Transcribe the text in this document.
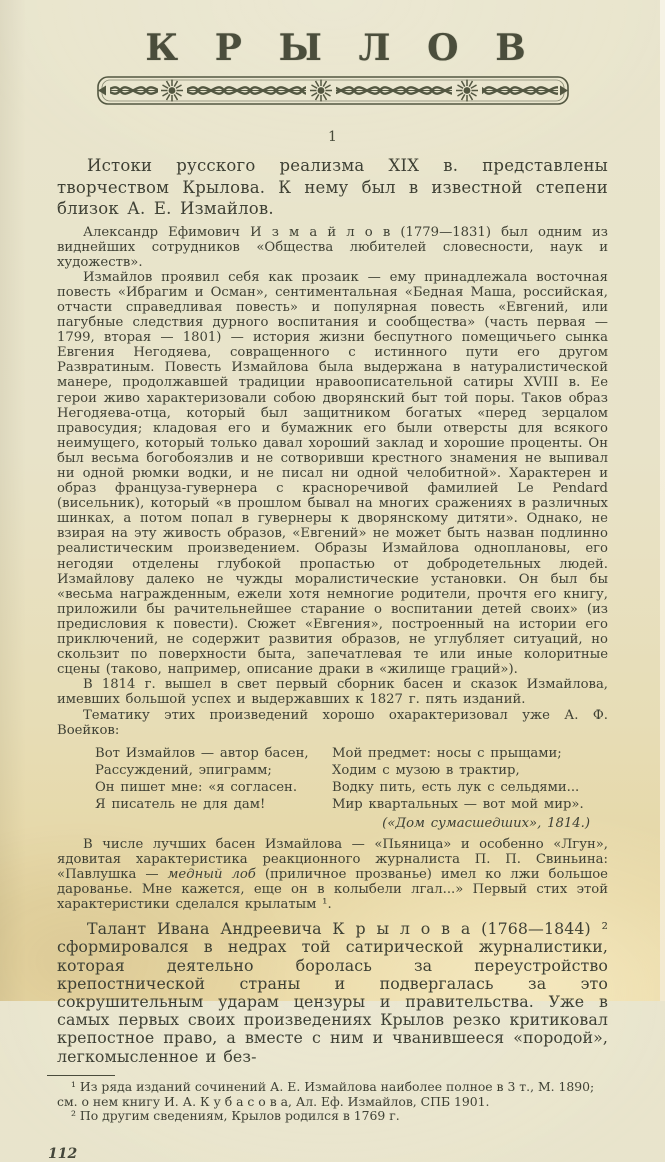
КРЫЛОВ
1

Истоки русского реализма XIX в. представлены творчеством Крылова. К нему был в известной степени близок А. Е. Измайлов.

Александр Ефимович И з м а й л о в (1779—1831) был одним из виднейших сотрудников «Общества любителей словесности, наук и художеств».

Измайлов проявил себя как прозаик — ему принадлежала восточная повесть «Ибрагим и Осман», сентиментальная «Бедная Маша, российская, отчасти справедливая повесть» и популярная повесть «Евгений, или пагубные следствия дурного воспитания и сообщества» (часть первая — 1799, вторая — 1801) — история жизни беспутного помещичьего сынка Евгения Негодяева, совращенного с истинного пути его другом Развратиным. Повесть Измайлова была выдержана в натуралистической манере, продолжавшей традиции нравоописательной сатиры XVIII в. Ее герои живо характеризовали собою дворянский быт той поры. Таков образ Негодяева-отца, который был защитником богатых «перед зерцалом правосудия; кладовая его и бумажник его были отверсты для всякого неимущего, который только давал хороший заклад и хорошие проценты. Он был весьма богобоязлив и не сотворивши крестного знамения не выпивал ни одной рюмки водки, и не писал ни одной челобитной». Характерен и образ француза-гувернера с красноречивой фамилией Le Pendard (висельник), который «в прошлом бывал на многих сражениях в различных шинках, а потом попал в гувернеры к дворянскому дитяти». Однако, не взирая на эту живость образов, «Евгений» не может быть назван подлинно реалистическим произведением. Образы Измайлова одноплановы, его негодяи отделены глубокой пропастью от добродетельных людей. Измайлову далеко не чужды моралистические установки. Он был бы «весьма награжденным, ежели хотя немногие родители, прочтя его книгу, приложили бы рачительнейшее старание о воспитании детей своих» (из предисловия к повести). Сюжет «Евгения», построенный на истории его приключений, не содержит развития образов, не углубляет ситуаций, но скользит по поверхности быта, запечатлевая те или иные колоритные сцены (таково, например, описание драки в «жилище граций»).

В 1814 г. вышел в свет первый сборник басен и сказок Измайлова, имевших большой успех и выдержавших к 1827 г. пять изданий.

Тематику этих произведений хорошо охарактеризовал уже А. Ф. Воейков:

Вот Измайлов — автор басен,
Рассуждений, эпиграмм;
Он пишет мне: «я согласен.
Я писатель не для дам!
Мой предмет: носы с прыщами;
Ходим с музою в трактир,
Водку пить, есть лук с сельдями...
Мир квартальных — вот мой мир».
(«Дом сумасшедших», 1814.)

В числе лучших басен Измайлова — «Пьяница» и особенно «Лгун», ядовитая характеристика реакционного журналиста П. П. Свиньина: «Павлушка — медный лоб (приличное прозванье) имел ко лжи большое дарованье. Мне кажется, еще он в колыбели лгал...» Первый стих этой характеристики сделался крылатым ¹.

Талант Ивана Андреевича К р ы л о в а (1768—1844) ² сформировался в недрах той сатирической журналистики, которая деятельно боролась за переустройство крепостнической страны и подвергалась за это сокрушительным ударам цензуры и правительства. Уже в самых первых своих произведениях Крылов резко критиковал крепостное право, а вместе с ним и чванившееся «породой», легкомысленное и без-

¹ Из ряда изданий сочинений А. Е. Измайлова наиболее полное в 3 т., М. 1890; см. о нем книгу И. А. К у б а с о в а, Ал. Еф. Измайлов, СПБ 1901.

² По другим сведениям, Крылов родился в 1769 г.

112
